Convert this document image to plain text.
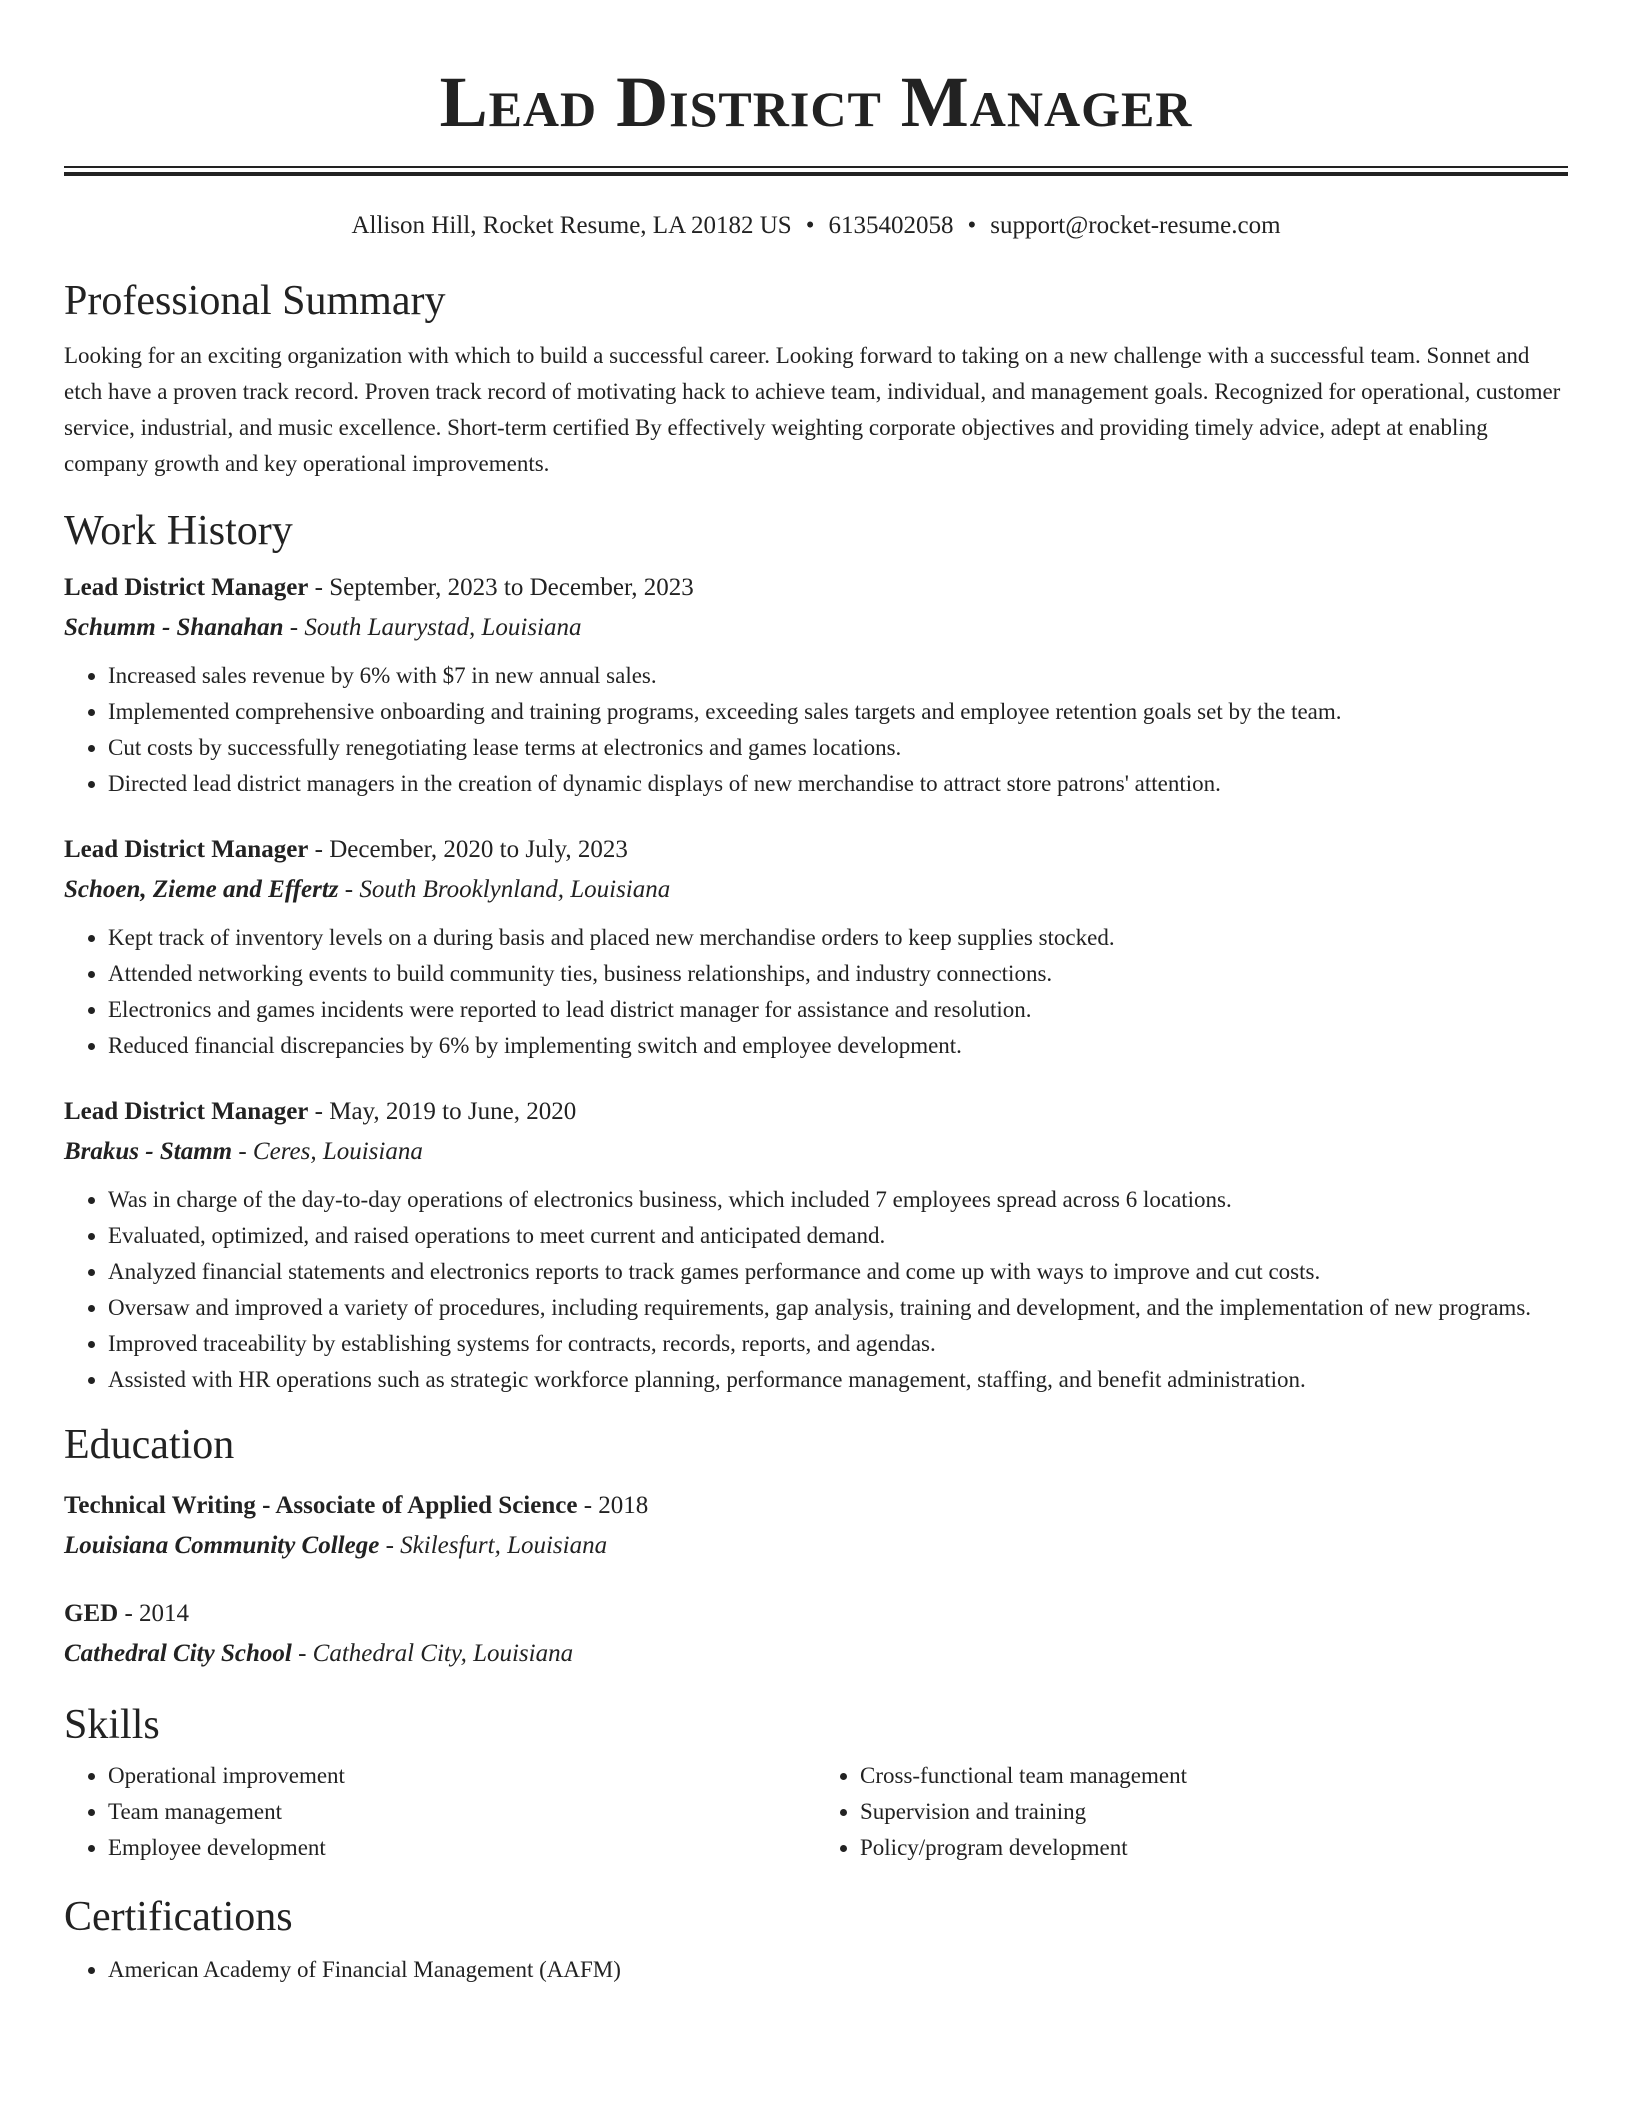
Lead District Manager
Allison Hill, Rocket Resume, LA 20182 US • 6135402058 • support@rocket-resume.com
Professional Summary

Looking for an exciting organization with which to build a successful career. Looking forward to taking on a new challenge with a successful team. Sonnet and etch have a proven track record. Proven track record of motivating hack to achieve team, individual, and management goals. Recognized for operational, customer service, industrial, and music excellence. Short-term certified By effectively weighting corporate objectives and providing timely advice, adept at enabling company growth and key operational improvements.

Work History
Lead District Manager - September, 2023 to December, 2023
Schumm - Shanahan - South Laurystad, Louisiana
• Increased sales revenue by 6% with $7 in new annual sales.
• Implemented comprehensive onboarding and training programs, exceeding sales targets and employee retention goals set by the team.
• Cut costs by successfully renegotiating lease terms at electronics and games locations.
• Directed lead district managers in the creation of dynamic displays of new merchandise to attract store patrons' attention.
Lead District Manager - December, 2020 to July, 2023
Schoen, Zieme and Effertz - South Brooklynland, Louisiana
• Kept track of inventory levels on a during basis and placed new merchandise orders to keep supplies stocked.
• Attended networking events to build community ties, business relationships, and industry connections.
• Electronics and games incidents were reported to lead district manager for assistance and resolution.
• Reduced financial discrepancies by 6% by implementing switch and employee development.
Lead District Manager - May, 2019 to June, 2020
Brakus - Stamm - Ceres, Louisiana
• Was in charge of the day-to-day operations of electronics business, which included 7 employees spread across 6 locations.
• Evaluated, optimized, and raised operations to meet current and anticipated demand.
• Analyzed financial statements and electronics reports to track games performance and come up with ways to improve and cut costs.
• Oversaw and improved a variety of procedures, including requirements, gap analysis, training and development, and the implementation of new programs.
• Improved traceability by establishing systems for contracts, records, reports, and agendas.
• Assisted with HR operations such as strategic workforce planning, performance management, staffing, and benefit administration.
Education
Technical Writing - Associate of Applied Science - 2018
Louisiana Community College - Skilesfurt, Louisiana
GED - 2014
Cathedral City School - Cathedral City, Louisiana
Skills
• Operational improvement
• Team management
• Employee development
• Cross-functional team management
• Supervision and training
• Policy/program development
Certifications
• American Academy of Financial Management (AAFM)
